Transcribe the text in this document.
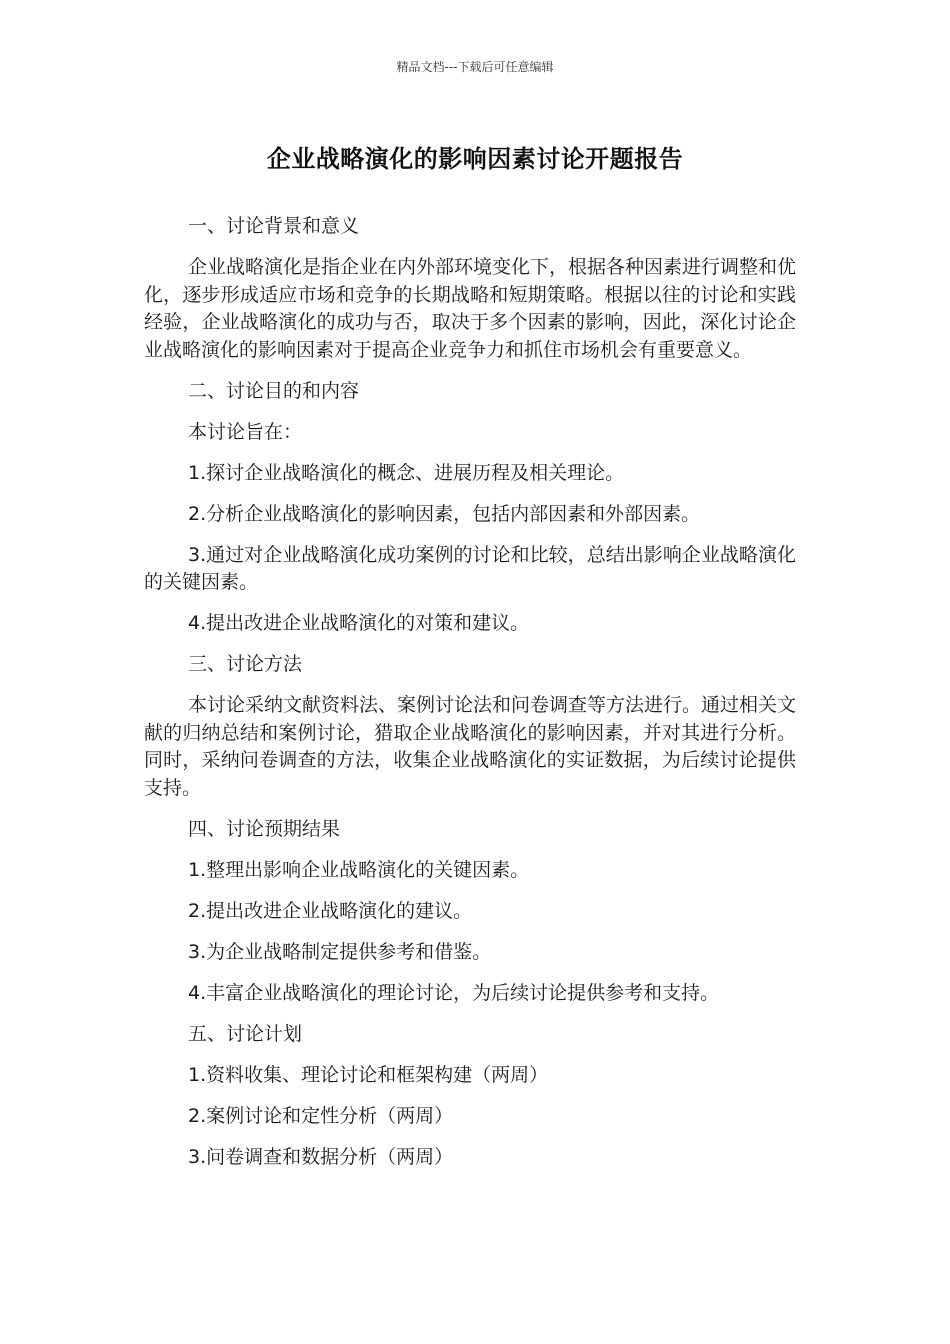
精品文档---下载后可任意编辑
企业战略演化的影响因素讨论开题报告

一、讨论背景和意义

企业战略演化是指企业在内外部环境变化下，根据各种因素进行调整和优化，逐步形成适应市场和竞争的长期战略和短期策略。根据以往的讨论和实践经验，企业战略演化的成功与否，取决于多个因素的影响，因此，深化讨论企业战略演化的影响因素对于提高企业竞争力和抓住市场机会有重要意义。

二、讨论目的和内容

本讨论旨在：

1.探讨企业战略演化的概念、进展历程及相关理论。

2.分析企业战略演化的影响因素，包括内部因素和外部因素。

3.通过对企业战略演化成功案例的讨论和比较，总结出影响企业战略演化的关键因素。

4.提出改进企业战略演化的对策和建议。

三、讨论方法

本讨论采纳文献资料法、案例讨论法和问卷调查等方法进行。通过相关文献的归纳总结和案例讨论，猎取企业战略演化的影响因素，并对其进行分析。同时，采纳问卷调查的方法，收集企业战略演化的实证数据，为后续讨论提供支持。

四、讨论预期结果

1.整理出影响企业战略演化的关键因素。

2.提出改进企业战略演化的建议。

3.为企业战略制定提供参考和借鉴。

4.丰富企业战略演化的理论讨论，为后续讨论提供参考和支持。

五、讨论计划

1.资料收集、理论讨论和框架构建（两周）

2.案例讨论和定性分析（两周）

3.问卷调查和数据分析（两周）
